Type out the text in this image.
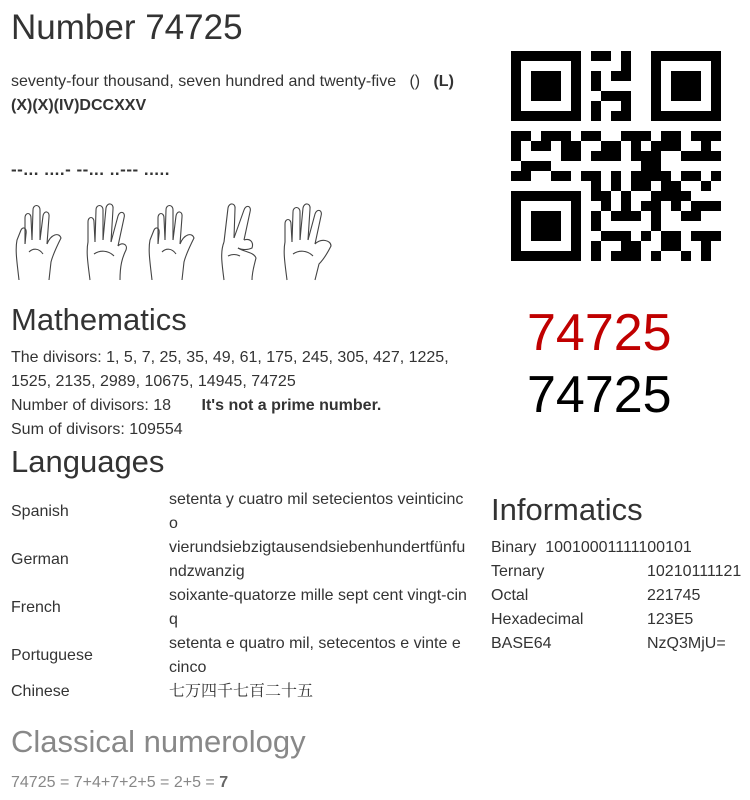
Number 74725
seventy-four thousand, seven hundred and twenty-five () (L)
(X)(X)(IV)DCCXXV
--... ....- --... ..--- .....
74725
74725
Mathematics
The divisors: 1, 5, 7, 25, 35, 49, 61, 175, 245, 305, 427, 1225,
1525, 2135, 2989, 10675, 14945, 74725
Number of divisors: 18 It's not a prime number.
Sum of divisors: 109554
Languages
Spanish	setenta y cuatro mil setecientos veinticinco
German	vierundsiebzigtausendsiebenhundertfünfundzwanzig
French	soixante-quatorze mille sept cent vingt-cinq
Portuguese	setenta e quatro mil, setecentos e vinte e cinco
Chinese	七万四千七百二十五
Informatics
Binary 10010001111100101
Ternary	10210111121
Octal	221745
Hexadecimal	123E5
BASE64	NzQ3MjU=
Classical numerology
74725 = 7+4+7+2+5 = 2+5 = 7
